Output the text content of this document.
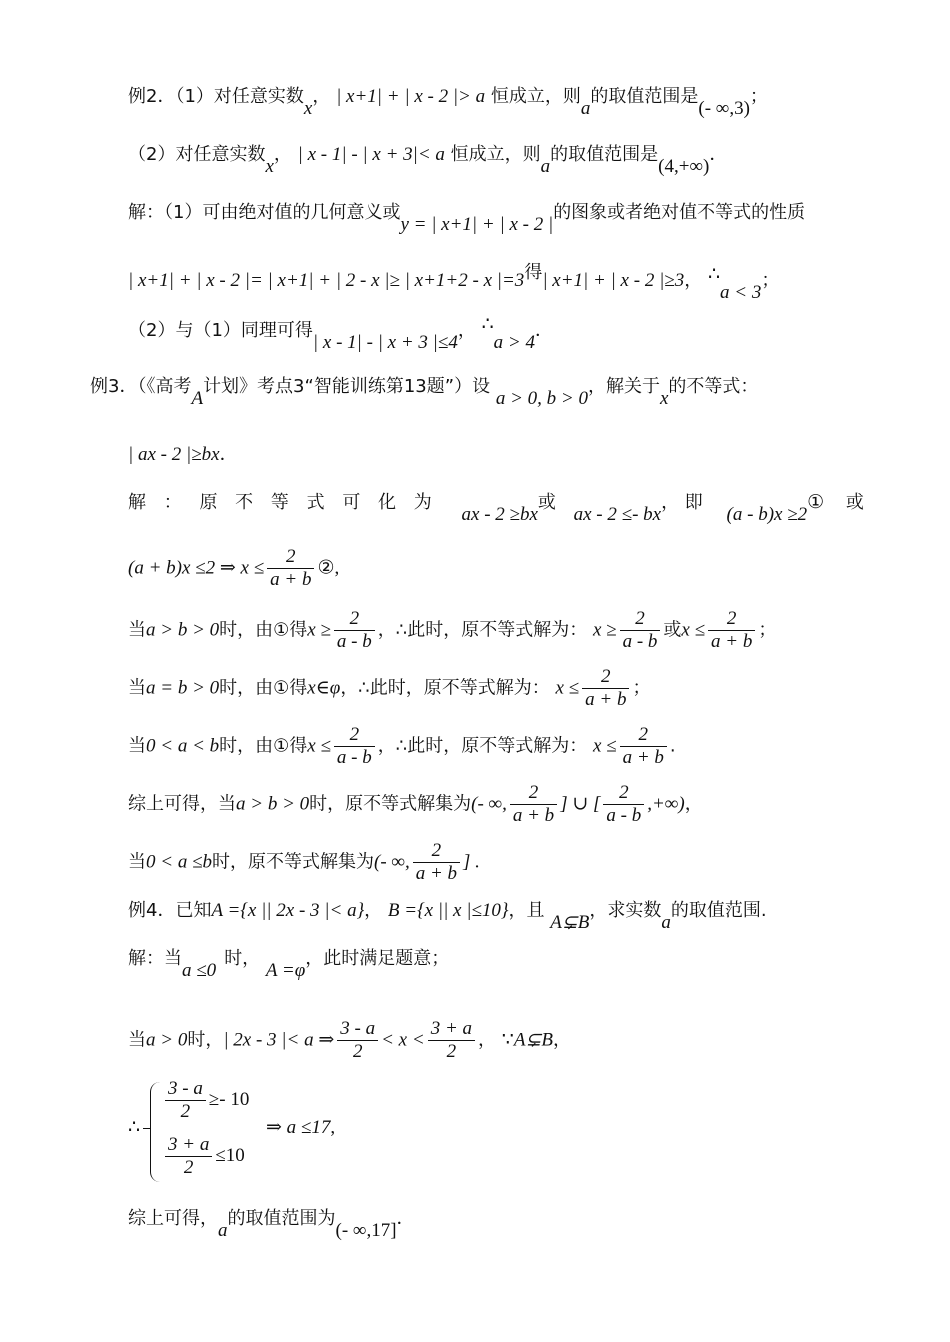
例2．（1）对任意实数x， | x+1| + | x - 2 |> a 恒成立，则a的取值范围是(- ∞,3)；
（2）对任意实数x， | x - 1| - | x + 3|< a 恒成立，则a的取值范围是(4,+∞)．
解：（1）可由绝对值的几何意义或y = | x+1| + | x - 2 |的图象或者绝对值不等式的性质
| x+1| + | x - 2 |= | x+1| + | 2 - x |≥ | x+1+2 - x |=3得| x+1| + | x - 2 |≥3， ∴a < 3；
（2）与（1）同理可得| x - 1| - | x + 3 |≤4， ∴a > 4．
例3．（《高考A计划》考点3“智能训练第13题”）设 a > 0, b > 0，解关于x的不等式：
| ax - 2 |≥bx．
解 ： 原 不 等 式 可 化 为 ax - 2 ≥bx或 ax - 2 ≤- bx， 即 (a - b)x ≥2① 或
(a + b)x ≤2 ⇒ $x \le \frac{2}{a + b}$ ②,
当a > b > 0时，由①得$x \ge \frac{2}{a - b}$ ，∴此时，原不等式解为： $x \ge \frac{2}{a - b}$ 或$x \le \frac{2}{a + b}$ ；
当a = b > 0时，由①得x∈φ，∴此时，原不等式解为： $x \le \frac{2}{a + b}$ ；
当0 < a < b时，由①得$x \le \frac{2}{a - b}$ ，∴此时，原不等式解为： $x \le \frac{2}{a + b}$ .
综上可得，当a > b > 0时，原不等式解集为(- ∞, $\frac{2}{a + b}$ ] ∪ [ $\frac{2}{a - b}$ ,+∞)，
当0 < a ≤b时，原不等式解集为(- ∞, $\frac{2}{a + b}$ ] .
例4．已知A ={x || 2x - 3 |< a}， B ={x || x |≤10}，且 A⊊B，求实数a的取值范围.
解：当a ≤0时， A =φ，此时满足题意；
当a > 0时，| 2x - 3 |< a ⇒ $\frac{3 - a}{2} < x < \frac{3 + a}{2}$ ， ∵A⊊B，
∴
$\frac{3 - a}{2} \ge- 10$
$\frac{3 + a}{2} \le 10$
⇒ a ≤17,
综上可得，a的取值范围为(- ∞,17]．
